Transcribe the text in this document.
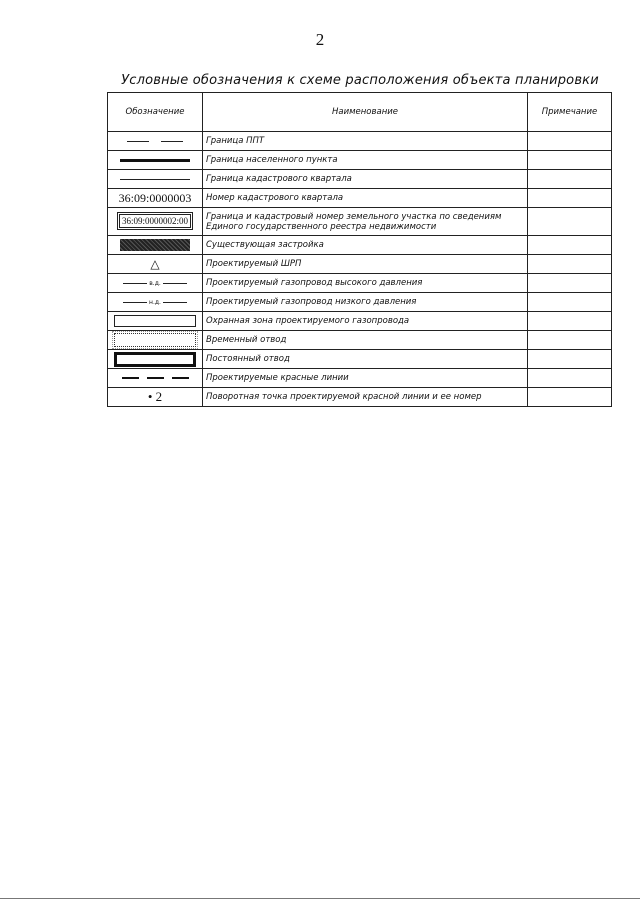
2
Условные обозначения к схеме расположения объекта планировки
Обозначение	Наименование	Примечание

	Граница ППТ	

	Граница населенного пункта	

	Граница кадастрового квартала	
36:09:0000003	Номер кадастрового квартала	
36:09:0000002:00	Граница и кадастровый номер земельного участка по сведениям Единого государственного реестра недвижимости	

	Существующая застройка	
△	Проектируемый ШРП	

в.д.	Проектируемый газопровод высокого давления	

н.д.	Проектируемый газопровод низкого давления	

	Охранная зона проектируемого газопровода	

	Временный отвод	

	Постоянный отвод	

	Проектируемые красные линии	
• 2	Поворотная точка проектируемой красной линии и ее номер	
